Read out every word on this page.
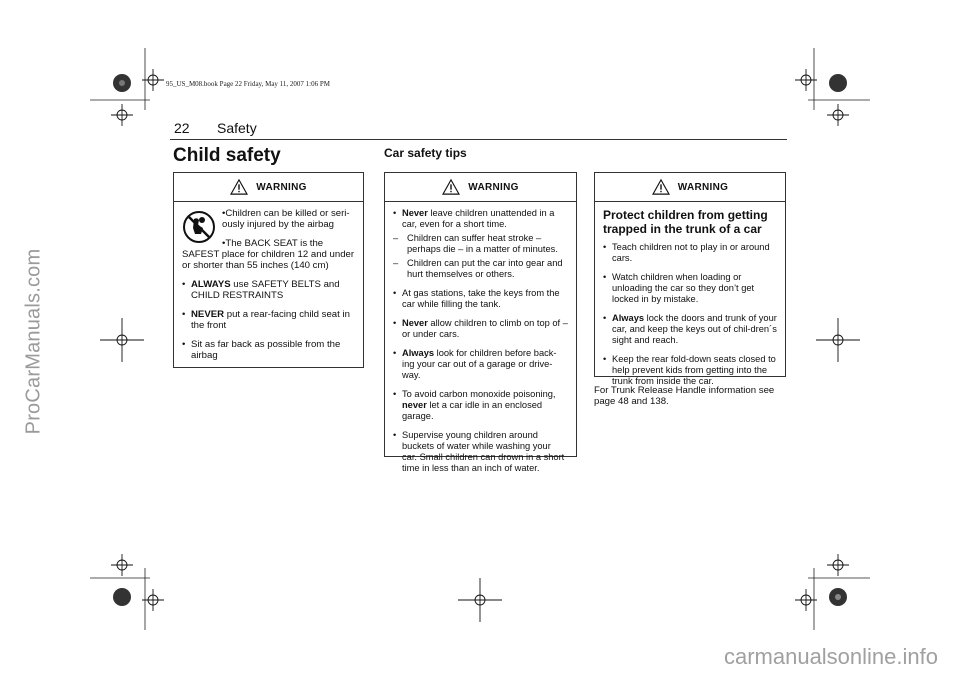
ProCarManuals.com
carmanualsonline.info
95_US_M08.book Page 22 Friday, May 11, 2007 1:06 PM
22 Safety
Child safety	Car safety tips
WARNING

•Children can be killed or seri-ously injured by the airbag

•The BACK SEAT is the

SAFEST place for children 12 and under or shorter than 55 inches (140 cm)

• ALWAYS use SAFETY BELTS and CHILD RESTRAINTS
• NEVER put a rear-facing child seat in the front
• Sit as far back as possible from the airbag
WARNING
• Never leave children unattended in a car, even for a short time.
– Children can suffer heat stroke – perhaps die – in a matter of minutes.
– Children can put the car into gear and hurt themselves or others.
• At gas stations, take the keys from the car while filling the tank.
• Never allow children to climb on top of – or under cars.
• Always look for children before back-ing your car out of a garage or drive-way.
• To avoid carbon monoxide poisoning, never let a car idle in an enclosed garage.
• Supervise young children around buckets of water while washing your car. Small children can drown in a short time in less than an inch of water.
WARNING
Protect children from getting trapped in the trunk of a car
• Teach children not to play in or around cars.
• Watch children when loading or unloading the car so they don’t get locked in by mistake.
• Always lock the doors and trunk of your car, and keep the keys out of chil-dren´s sight and reach.
• Keep the rear fold-down seats closed to help prevent kids from getting into the trunk from inside the car.
For Trunk Release Handle information see page 48 and 138.
